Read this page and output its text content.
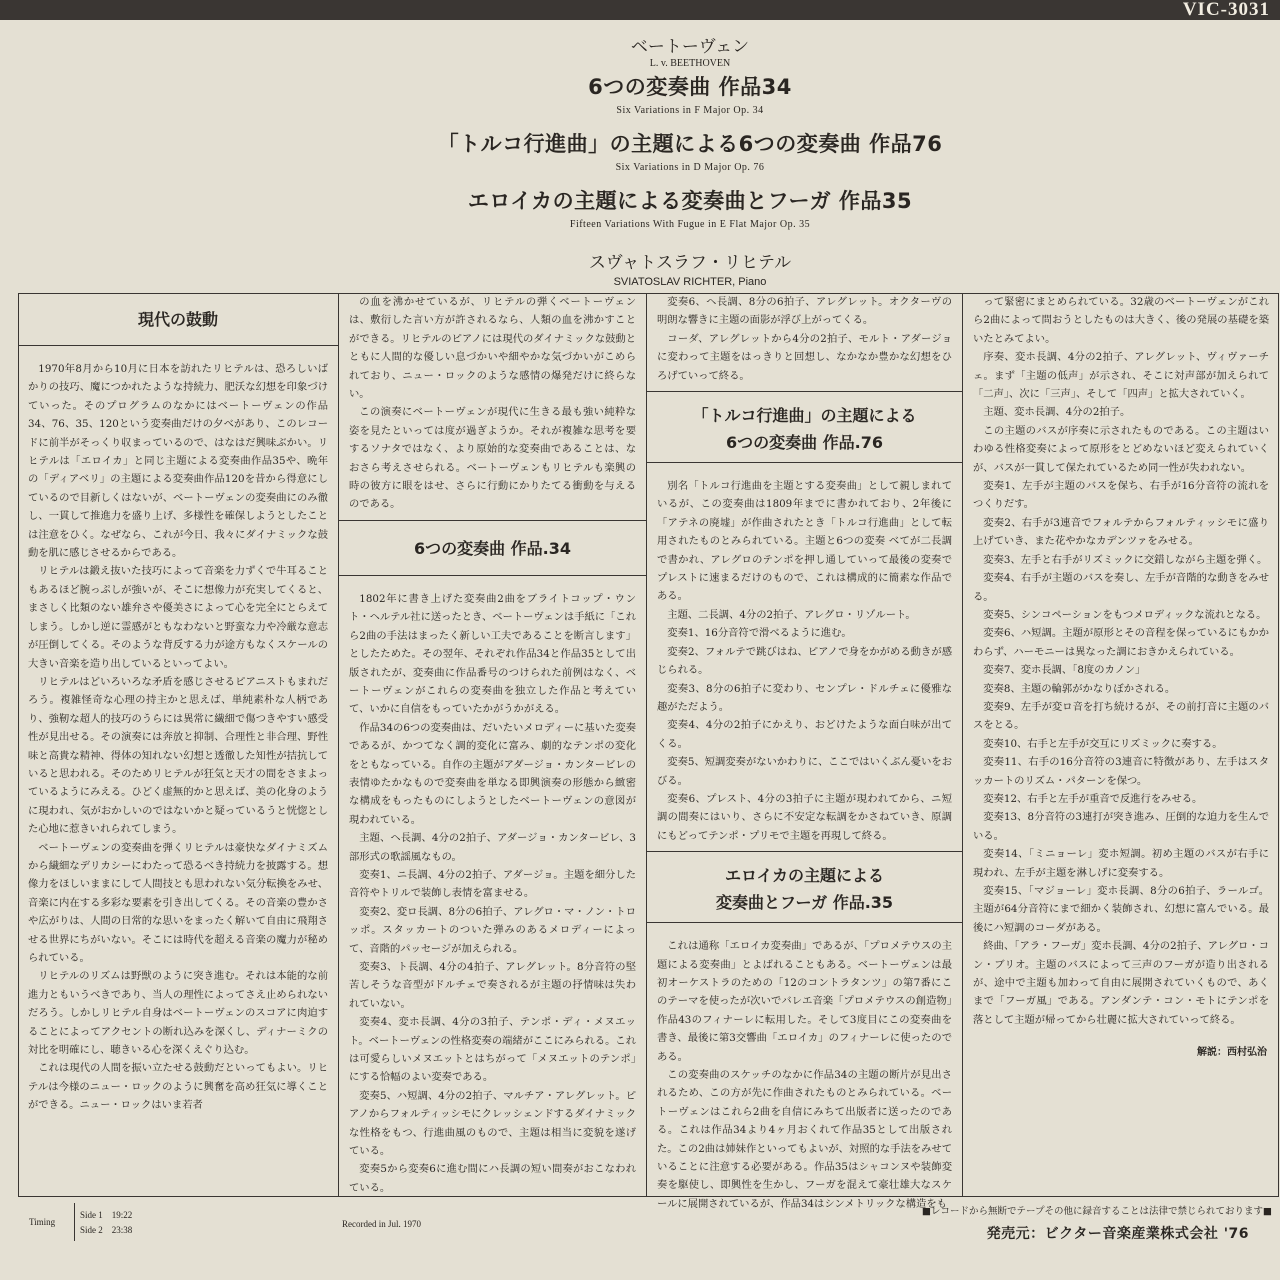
VIC-3031
ベートーヴェン
L. v. BEETHOVEN
6つの変奏曲 作品34
Six Variations in F Major Op. 34
「トルコ行進曲」の主題による6つの変奏曲 作品76
Six Variations in D Major Op. 76
エロイカの主題による変奏曲とフーガ 作品35
Fifteen Variations With Fugue in E Flat Major Op. 35
スヴャトスラフ・リヒテル
SVIATOSLAV RICHTER, Piano
現代の鼓動

1970年8月から10月に日本を訪れたリヒテルは、恐ろしいばかりの技巧、魔につかれたような持続力、肥沃な幻想を印象づけていった。そのプログラムのなかにはベートーヴェンの作品34、76、35、120という変奏曲だけの夕べがあり、このレコードに前半がそっくり収まっているので、はなはだ興味ぶかい。リヒテルは「エロイカ」と同じ主題による変奏曲作品35や、晩年の「ディアベリ」の主題による変奏曲作品120を昔から得意にしているので目新しくはないが、ベートーヴェンの変奏曲にのみ徹し、一貫して推進力を盛り上げ、多様性を確保しようとしたことは注意をひく。なぜなら、これが今日、我々にダイナミックな鼓動を肌に感じさせるからである。

リヒテルは鍛え抜いた技巧によって音楽を力ずくで牛耳ることもあるほど腕っぷしが強いが、そこに想像力が充実してくると、まさしく比類のない雄弁さや優美さによって心を完全にとらえてしまう。しかし逆に霊感がともなわないと野蛮な力や冷厳な意志が圧倒してくる。そのような背反する力が途方もなくスケールの大きい音楽を造り出しているといってよい。

リヒテルはどいろいろな矛盾を感じさせるピアニストもまれだろう。複雑怪奇な心理の持主かと思えば、単純素朴な人柄であり、強靭な超人的技巧のうらには異常に繊細で傷つきやすい感受性が見出せる。その演奏には奔放と抑制、合理性と非合理、野性味と高貴な精神、得体の知れない幻想と透徹した知性が拮抗していると思われる。そのためリヒテルが狂気と天才の間をさまよっているようにみえる。ひどく虚無的かと思えば、美の化身のように現われ、気がおかしいのではないかと疑っているうと恍惚とした心地に惹きいれられてしまう。

ベートーヴェンの変奏曲を弾くリヒテルは豪快なダイナミズムから繊細なデリカシーにわたって恐るべき持続力を披露する。想像力をほしいままにして人間技とも思われない気分転換をみせ、音楽に内在する多彩な要素を引き出してくる。その音楽の豊かさや広がりは、人間の日常的な思いをまったく解いて自由に飛翔させる世界にちがいない。そこには時代を超える音楽の魔力が秘められている。

リヒテルのリズムは野獣のように突き進む。それは本能的な前進力ともいうべきであり、当人の理性によってさえ止められないだろう。しかしリヒテル自身はベートーヴェンのスコアに肉迫することによってアクセントの断れ込みを深くし、ディナーミクの対比を明確にし、聴きいる心を深くえぐり込む。

これは現代の人間を振い立たせる鼓動だといってもよい。リヒテルは今様のニュー・ロックのように興奮を高め狂気に導くことができる。ニュー・ロックはいま若者

の血を沸かせているが、リヒテルの弾くベートーヴェンは、敷衍した言い方が許されるなら、人類の血を沸かすことができる。リヒテルのピアノには現代のダイナミックな鼓動とともに人間的な優しい息づかいや細やかな気づかいがこめられており、ニュー・ロックのような感情の爆発だけに終らない。

この演奏にベートーヴェンが現代に生きる最も強い純粋な姿を見たといっては度が過ぎようか。それが複雑な思考を要するソナタではなく、より原始的な変奏曲であることは、なおさら考えさせられる。ベートーヴェンもリヒテルも楽興の時の彼方に眼をはせ、さらに行動にかりたてる衝動を与えるのである。

6つの変奏曲 作品.34

1802年に書き上げた変奏曲2曲をブライトコップ・ウント・ヘルテル社に送ったとき、ベートーヴェンは手紙に「これら2曲の手法はまったく新しい工夫であることを断言します」としたためた。その翌年、それぞれ作品34と作品35として出版されたが、変奏曲に作品番号のつけられた前例はなく、ベートーヴェンがこれらの変奏曲を独立した作品と考えていて、いかに自信をもっていたかがうかがえる。

作品34の6つの変奏曲は、だいたいメロディーに基いた変奏であるが、かつてなく調的変化に富み、劇的なテンポの変化をともなっている。自作の主題がアダージョ・カンタービレの表情ゆたかなもので変奏曲を単なる即興演奏の形態から緻密な構成をもったものにしようとしたベートーヴェンの意図が現われている。

主題、ヘ長調、4分の2拍子、アダージョ・カンタービレ、3部形式の歌謡風なもの。

変奏1、ニ長調、4分の2拍子、アダージョ。主題を細分した音符やトリルで装飾し表情を富ませる。

変奏2、変ロ長調、8分の6拍子、アレグロ・マ・ノン・トロッポ。スタッカートのついた弾みのあるメロディーによって、音階的パッセージが加えられる。

変奏3、ト長調、4分の4拍子、アレグレット。8分音符の堅苦しそうな音型がドルチェで奏されるが主題の抒情味は失われていない。

変奏4、変ホ長調、4分の3拍子、テンポ・ディ・メヌエット。ベートーヴェンの性格変奏の端緒がここにみられる。これは可愛らしいメヌエットとはちがって「メヌエットのテンポ」にする恰幅のよい変奏である。

変奏5、ハ短調、4分の2拍子、マルチア・アレグレット。ピアノからフォルティッシモにクレッシェンドするダイナミックな性格をもつ、行進曲風のもので、主題は相当に変貌を遂げている。

変奏5から変奏6に進む間にハ長調の短い間奏がおこなわれている。

変奏6、ヘ長調、8分の6拍子、アレグレット。オクターヴの明朗な響きに主題の面影が浮び上がってくる。

コーダ、アレグレットから4分の2拍子、モルト・アダージョに変わって主題をはっきりと回想し、なかなか豊かな幻想をひろげていって終る。

「トルコ行進曲」の主題による
6つの変奏曲 作品.76

別名「トルコ行進曲を主題とする変奏曲」として親しまれているが、この変奏曲は1809年までに書かれており、2年後に「アテネの廃墟」が作曲されたとき「トルコ行進曲」として転用されたものとみられている。主題と6つの変奏 べてが二長調で書かれ、アレグロのテンポを押し通していって最後の変奏でプレストに速まるだけのもので、これは構成的に簡素な作品である。

主題、二長調、4分の2拍子、アレグロ・リゾルート。

変奏1、16分音符で滑べるように進む。

変奏2、フォルテで跳びはね、ピアノで身をかがめる動きが感じられる。

変奏3、8分の6拍子に変わり、センプレ・ドルチェに優雅な趣がただよう。

変奏4、4分の2拍子にかえり、おどけたような面白味が出てくる。

変奏5、短調変奏がないかわりに、ここではいくぶん憂いをおびる。

変奏6、プレスト、4分の3拍子に主題が現われてから、ニ短調の間奏にはいり、さらに不安定な転調をかさねていき、原調にもどってテンポ・プリモで主題を再現して終る。

エロイカの主題による
変奏曲とフーガ 作品.35

これは通称「エロイカ変奏曲」であるが、「プロメテウスの主題による変奏曲」とよばれることもある。ベートーヴェンは最初オーケストラのための「12のコントラタンツ」の第7番にこのテーマを使ったが次いでバレエ音楽「プロメテウスの創造物」作品43のフィナーレに転用した。そして3度目にこの変奏曲を書き、最後に第3交響曲「エロイカ」のフィナーレに使ったのである。

この変奏曲のスケッチのなかに作品34の主題の断片が見出されるため、この方が先に作曲されたものとみられている。ベートーヴェンはこれら2曲を自信にみちて出版者に送ったのである。これは作品34より4ヶ月おくれて作品35として出版された。この2曲は姉妹作といってもよいが、対照的な手法をみせていることに注意する必要がある。作品35はシャコンヌや装飾変奏を駆使し、即興性を生かし、フーガを混えて豪壮雄大なスケールに展開されているが、作品34はシンメトリックな構造をも

って緊密にまとめられている。32歳のベートーヴェンがこれら2曲によって問おうとしたものは大きく、後の発展の基礎を築いたとみてよい。

序奏、変ホ長調、4分の2拍子、アレグレット、ヴィヴァーチェ。まず「主題の低声」が示され、そこに対声部が加えられて「二声」、次に「三声」、そして「四声」と拡大されていく。

主題、変ホ長調、4分の2拍子。

この主題のバスが序奏に示されたものである。この主題はいわゆる性格変奏によって原形をとどめないほど変えられていくが、バスが一貫して保たれているため同一性が失われない。

変奏1、左手が主題のバスを保ち、右手が16分音符の流れをつくりだす。

変奏2、右手が3連音でフォルテからフォルティッシモに盛り上げていき、また花やかなカデンツァをみせる。

変奏3、左手と右手がリズミックに交錯しながら主題を弾く。

変奏4、右手が主題のバスを奏し、左手が音階的な動きをみせる。

変奏5、シンコペーションをもつメロディックな流れとなる。

変奏6、ハ短調。主題が原形とその音程を保っているにもかかわらず、ハーモニーは異なった調におきかえられている。

変奏7、変ホ長調、「8度のカノン」

変奏8、主題の輪郭がかなりぼかされる。

変奏9、左手が変ロ音を打ち続けるが、その前打音に主題のバスをとる。

変奏10、右手と左手が交互にリズミックに奏する。

変奏11、右手の16分音符の3連音に特徴があり、左手はスタッカートのリズム・パターンを保つ。

変奏12、右手と左手が重音で反進行をみせる。

変奏13、8分音符の3連打が突き進み、圧倒的な迫力を生んでいる。

変奏14、「ミニョーレ」変ホ短調。初め主題のバスが右手に現われ、左手が主題を淋しげに変奏する。

変奏15、「マジョーレ」変ホ長調、8分の6拍子、ラールゴ。主題が64分音符にまで細かく装飾され、幻想に富んでいる。最後にハ短調のコーダがある。

終曲、「アラ・フーガ」変ホ長調、4分の2拍子、アレグロ・コン・ブリオ。主題のバスによって三声のフーガが造り出されるが、途中で主題も加わって自由に展開されていくもので、あくまで「フーガ風」である。アンダンテ・コン・モトにテンポを落として主題が帰ってから壮麗に拡大されていって終る。

解説：西村弘治
Timing
Side 1　19:22
Side 2　23:38
Recorded in Jul. 1970
■レコードから無断でテープその他に録音することは法律で禁じられております■
発売元：ビクター音楽産業株式会社 '76
